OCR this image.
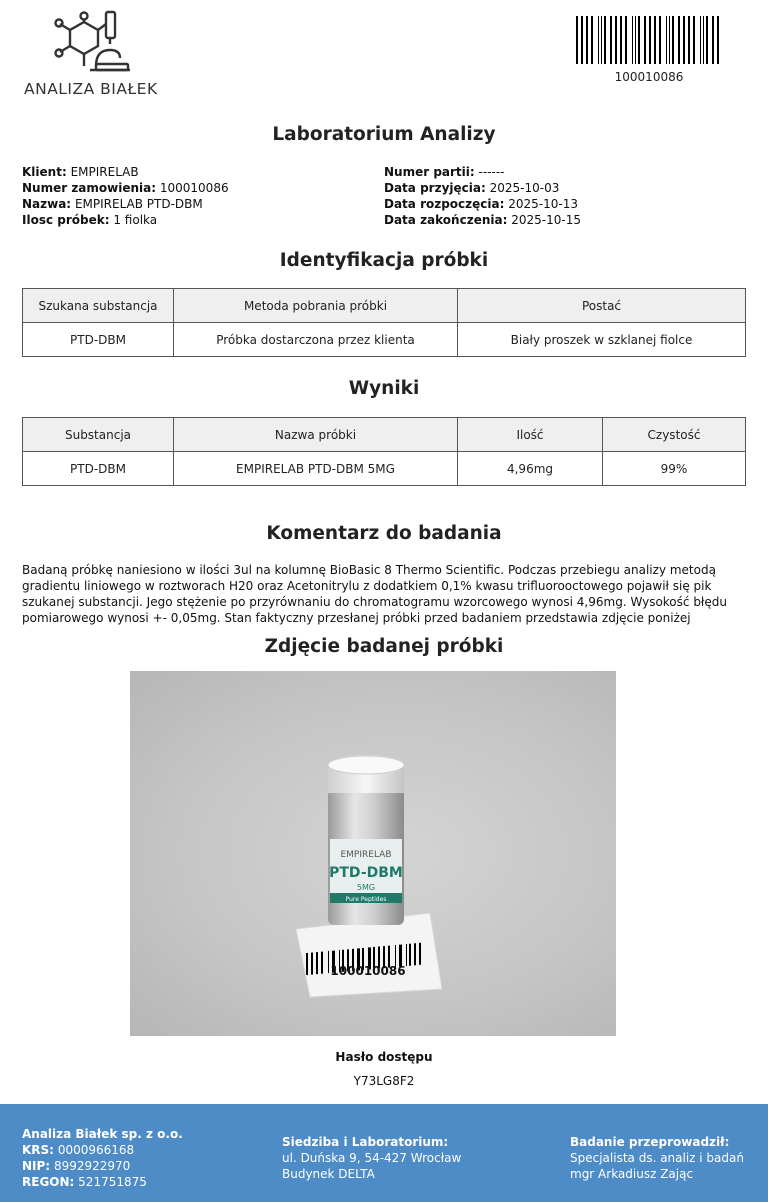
ANALIZA BIAŁEK
100010086
Laboratorium Analizy
Klient: EMPIRELAB
Numer zamowienia: 100010086
Nazwa: EMPIRELAB PTD-DBM
Ilosc próbek: 1 fiolka
Numer partii: ------
Data przyjęcia: 2025-10-03
Data rozpoczęcia: 2025-10-13
Data zakończenia: 2025-10-15
Identyfikacja próbki
Szukana substancja	Metoda pobrania próbki	Postać
PTD-DBM	Próbka dostarczona przez klienta	Biały proszek w szklanej fiolce
Wyniki
Substancja	Nazwa próbki	Ilość	Czystość
PTD-DBM	EMPIRELAB PTD-DBM 5MG	4,96mg	99%
Komentarz do badania
Badaną próbkę naniesiono w ilości 3ul na kolumnę BioBasic 8 Thermo Scientific. Podczas przebiegu analizy metodą gradientu liniowego w roztworach H20 oraz Acetonitrylu z dodatkiem 0,1% kwasu trifluorooctowego pojawił się pik szukanej substancji. Jego stężenie po przyrównaniu do chromatogramu wzorcowego wynosi 4,96mg. Wysokość błędu pomiarowego wynosi +- 0,05mg. Stan faktyczny przesłanej próbki przed badaniem przedstawia zdjęcie poniżej
Zdjęcie badanej próbki
EMPIRELAB
PTD-DBM
5MG
Pure Peptides
100010086
Hasło dostępu
Y73LG8F2
Analiza Białek sp. z o.o.
KRS: 0000966168
NIP: 8992922970
REGON: 521751875
Siedziba i Laboratorium:
ul. Duńska 9, 54-427 Wrocław
Budynek DELTA
Badanie przeprowadził:
Specjalista ds. analiz i badań
mgr Arkadiusz Zając
